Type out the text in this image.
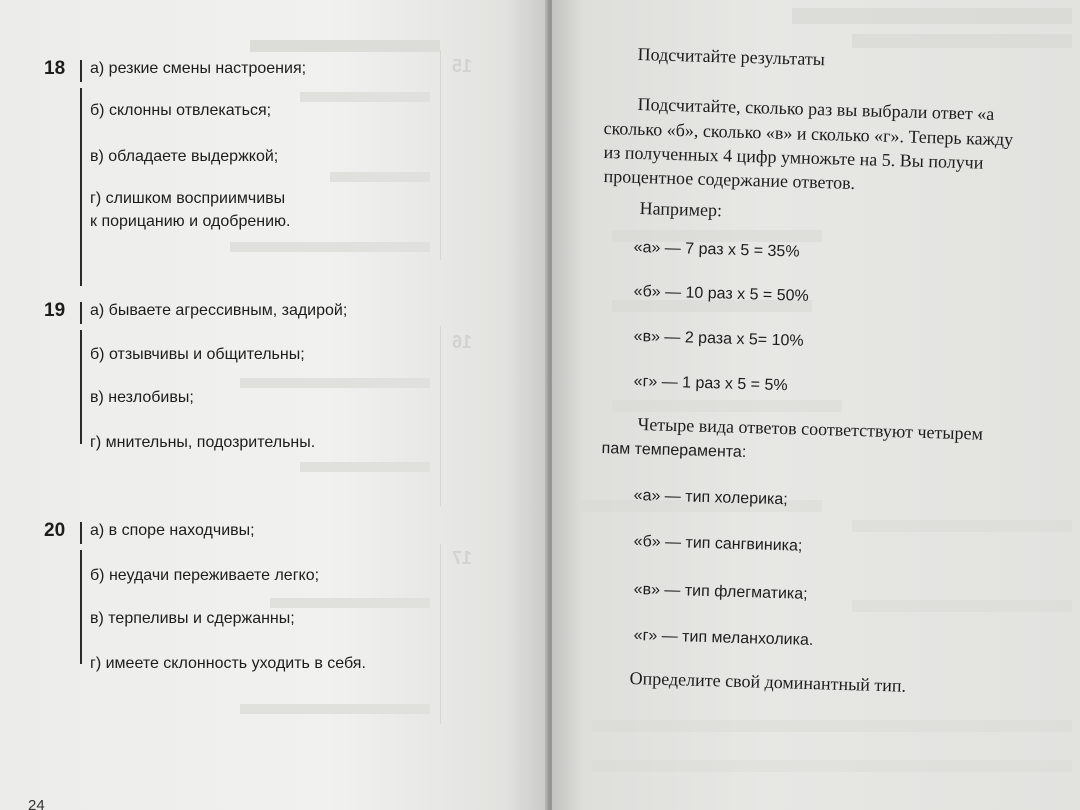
15
16
17
18 а) резкие смены настроения;
б) склонны отвлекаться;
в) обладаете выдержкой;
г) слишком восприимчивы
к порицанию и одобрению.
19 а) бываете агрессивным, задирой;
б) отзывчивы и общительны;
в) незлобивы;
г) мнительны, подозрительны.
20 а) в споре находчивы;
б) неудачи переживаете легко;
в) терпеливы и сдержанны;
г) имеете склонность уходить в себя.
24
Подсчитайте результаты
Подсчитайте, сколько раз вы выбрали ответ «а
сколько «б», сколько «в» и сколько «г». Теперь кажду
из полученных 4 цифр умножьте на 5. Вы получи
процентное содержание ответов.
Например:
«а» — 7 раз х 5 = 35%
«б» — 10 раз х 5 = 50%
«в» — 2 раза х 5= 10%
«г» — 1 раз х 5 = 5%
Четыре вида ответов соответствуют четырем
пам темперамента:
«а» — тип холерика;
«б» — тип сангвиника;
«в» — тип флегматика;
«г» — тип меланхолика.
Определите свой доминантный тип.
